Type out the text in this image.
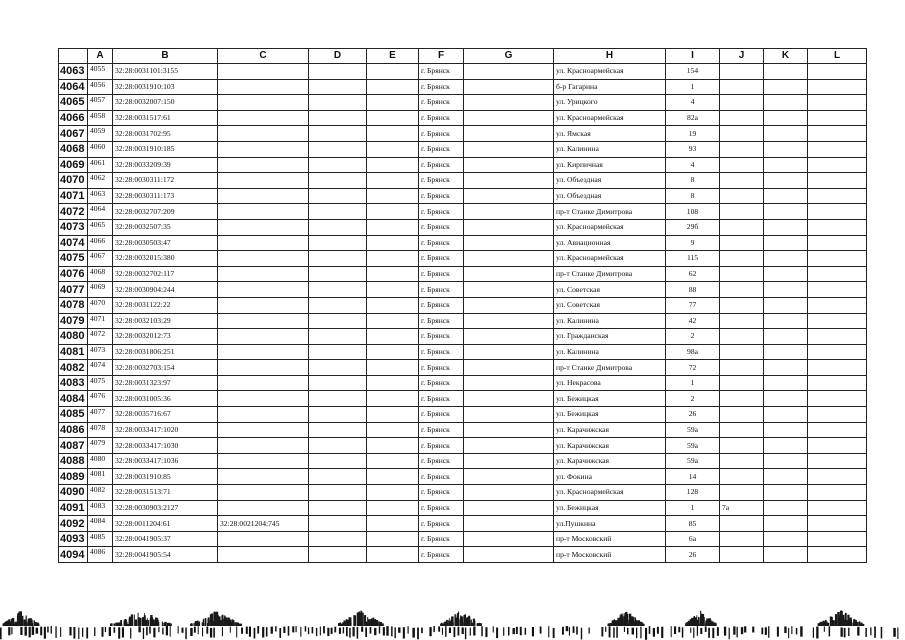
	A	B	C	D	E	F	G	H	I	J	K	L
4063	4055	32:28:0031101:3155				г. Брянск		ул. Красноармейская	154			
4064	4056	32:28:0031910:103				г. Брянск		б-р Гагарина	1			
4065	4057	32:28:0032007:150				г. Брянск		ул. Урицкого	4			
4066	4058	32:28:0031517:61				г. Брянск		ул. Красноармейская	82а			
4067	4059	32:28:0031702:95				г. Брянск		ул. Ямская	19			
4068	4060	32:28:0031910:185				г. Брянск		ул. Калинина	93			
4069	4061	32:28:0033209:39				г. Брянск		ул. Кирпичная	4			
4070	4062	32:28:0030311:172				г. Брянск		ул. Объездная	8			
4071	4063	32:28:0030311:173				г. Брянск		ул. Объездная	8			
4072	4064	32:28:0032707:209				г. Брянск		пр-т Станке Димитрова	108			
4073	4065	32:28:0032507:35				г. Брянск		ул. Красноармейская	29б			
4074	4066	32:28:0030503:47				г. Брянск		ул. Авиационная	9			
4075	4067	32:28:0032015:380				г. Брянск		ул. Красноармейская	115			
4076	4068	32:28:0032702:117				г. Брянск		пр-т Станке Димитрова	62			
4077	4069	32:28:0030904:244				г. Брянск		ул. Советская	88			
4078	4070	32:28:0031122:22				г. Брянск		ул. Советская	77			
4079	4071	32:28:0032103:29				г. Брянск		ул. Калинина	42			
4080	4072	32:28:0032012:73				г. Брянск		ул. Гражданская	2			
4081	4073	32:28:0031806:251				г. Брянск		ул. Калинина	98а			
4082	4074	32:28:0032703:154				г. Брянск		пр-т Станке Димитрова	72			
4083	4075	32:28:0031323:97				г. Брянск		ул. Некрасова	1			
4084	4076	32:28:0031005:36				г. Брянск		ул. Бежицкая	2			
4085	4077	32:28:0035716:67				г. Брянск		ул. Бежицкая	26			
4086	4078	32:28:0033417:1020				г. Брянск		ул. Карачижская	59а			
4087	4079	32:28:0033417:1030				г. Брянск		ул. Карачижская	59а			
4088	4080	32:28:0033417:1036				г. Брянск		ул. Карачижская	59а			
4089	4081	32:28:0031910:85				г. Брянск		ул. Фокина	14			
4090	4082	32:28:0031513:71				г. Брянск		ул. Красноармейская	128			
4091	4083	32:28:0030903:2127				г. Брянск		ул. Бежицкая	1	7а		
4092	4084	32:28:0011204:61	32:28:0021204:745			г. Брянск		ул.Пушкина	85			
4093	4085	32:28:0041905:37				г. Брянск		пр-т Московский	6а			
4094	4086	32:28:0041905:54				г. Брянск		пр-т Московский	26			
